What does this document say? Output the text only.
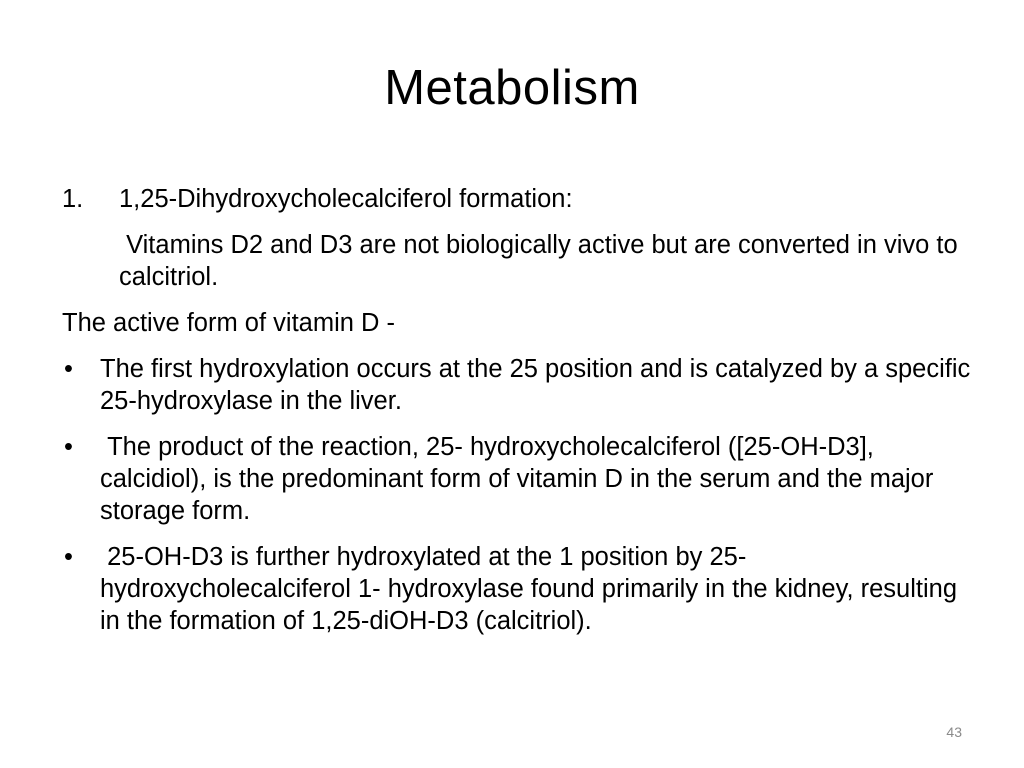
Metabolism
1. 1,25-Dihydroxycholecalciferol formation:
Vitamins D2 and D3 are not biologically active but are converted in vivo to calcitriol.
The active form of vitamin D -
• The first hydroxylation occurs at the 25 position and is catalyzed by a specific 25-hydroxylase in the liver.
• The product of the reaction, 25- hydroxycholecalciferol ([25-OH-D3], calcidiol), is the predominant form of vitamin D in the serum and the major storage form.
• 25-OH-D3 is further hydroxylated at the 1 position by 25-hydroxycholecalciferol 1- hydroxylase found primarily in the kidney, resulting in the formation of 1,25-diOH-D3 (calcitriol).
43
